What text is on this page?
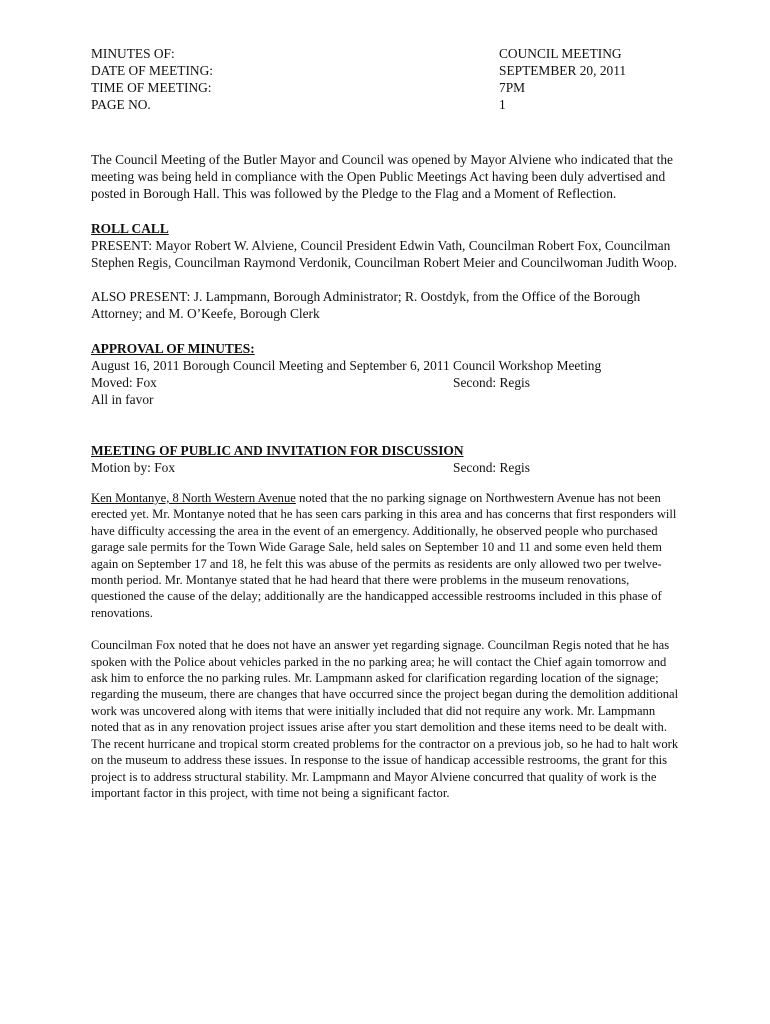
MINUTES OF:	COUNCIL MEETING
DATE OF MEETING:	SEPTEMBER 20, 2011
TIME OF MEETING:	7PM
PAGE NO.	1

The Council Meeting of the Butler Mayor and Council was opened by Mayor Alviene who indicated that the meeting was being held in compliance with the Open Public Meetings Act having been duly advertised and posted in Borough Hall. This was followed by the Pledge to the Flag and a Moment of Reflection.

ROLL CALL

PRESENT: Mayor Robert W. Alviene, Council President Edwin Vath, Councilman Robert Fox, Councilman Stephen Regis, Councilman Raymond Verdonik, Councilman Robert Meier and Councilwoman Judith Woop.

ALSO PRESENT: J. Lampmann, Borough Administrator; R. Oostdyk, from the Office of the Borough Attorney; and M. O’Keefe, Borough Clerk

APPROVAL OF MINUTES:

August 16, 2011 Borough Council Meeting and September 6, 2011 Council Workshop Meeting

Moved: Fox	Second: Regis

All in favor

MEETING OF PUBLIC AND INVITATION FOR DISCUSSION
Motion by: Fox	Second: Regis

Ken Montanye, 8 North Western Avenue noted that the no parking signage on Northwestern Avenue has not been erected yet. Mr. Montanye noted that he has seen cars parking in this area and has concerns that first responders will have difficulty accessing the area in the event of an emergency. Additionally, he observed people who purchased garage sale permits for the Town Wide Garage Sale, held sales on September 10 and 11 and some even held them again on September 17 and 18, he felt this was abuse of the permits as residents are only allowed two per twelve-month period. Mr. Montanye stated that he had heard that there were problems in the museum renovations, questioned the cause of the delay; additionally are the handicapped accessible restrooms included in this phase of renovations.

Councilman Fox noted that he does not have an answer yet regarding signage. Councilman Regis noted that he has spoken with the Police about vehicles parked in the no parking area; he will contact the Chief again tomorrow and ask him to enforce the no parking rules. Mr. Lampmann asked for clarification regarding location of the signage; regarding the museum, there are changes that have occurred since the project began during the demolition additional work was uncovered along with items that were initially included that did not require any work. Mr. Lampmann noted that as in any renovation project issues arise after you start demolition and these items need to be dealt with. The recent hurricane and tropical storm created problems for the contractor on a previous job, so he had to halt work on the museum to address these issues. In response to the issue of handicap accessible restrooms, the grant for this project is to address structural stability. Mr. Lampmann and Mayor Alviene concurred that quality of work is the important factor in this project, with time not being a significant factor.
